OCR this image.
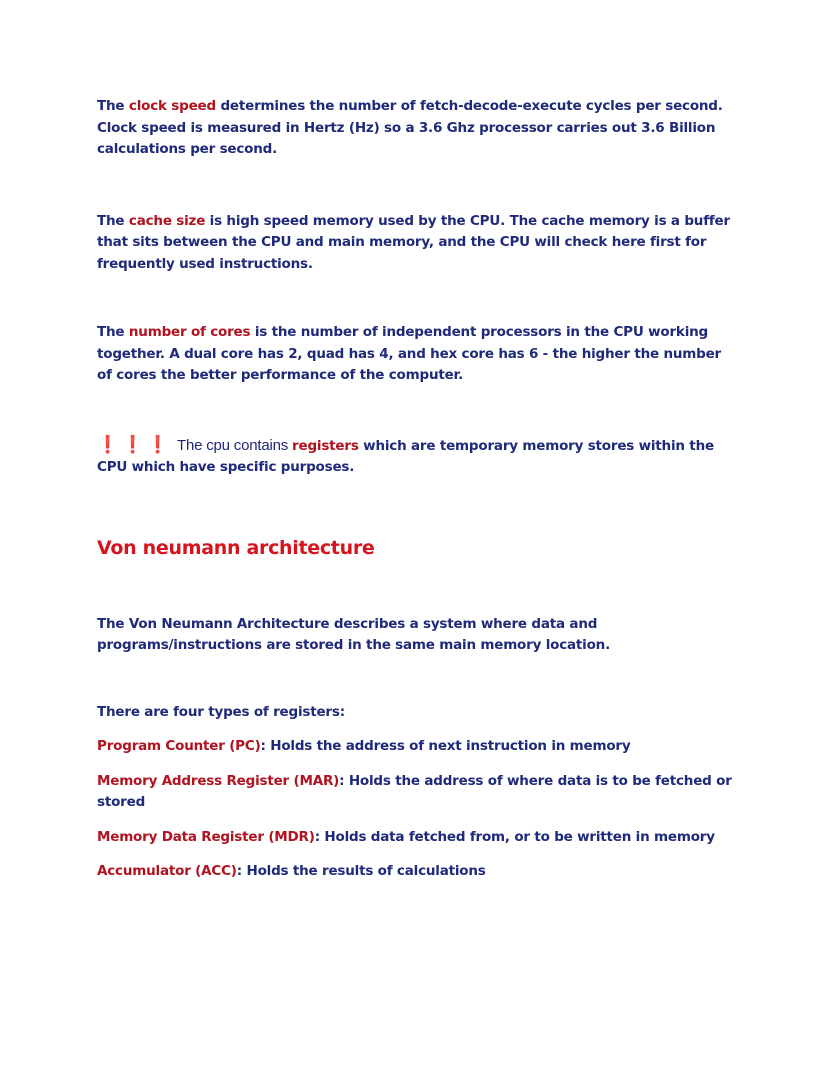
The clock speed determines the number of fetch-decode-execute cycles per second. Clock speed is measured in Hertz (Hz) so a 3.6 Ghz processor carries out 3.6 Billion calculations per second.

The cache size is high speed memory used by the CPU. The cache memory is a buffer that sits between the CPU and main memory, and the CPU will check here first for frequently used instructions.

The number of cores is the number of independent processors in the CPU working together. A dual core has 2, quad has 4, and hex core has 6 - the higher the number of cores the better performance of the computer.

❗❗❗ The cpu contains registers which are temporary memory stores within the CPU which have specific purposes.

Von neumann architecture

The Von Neumann Architecture describes a system where data and programs/instructions are stored in the same main memory location.

There are four types of registers:

Program Counter (PC): Holds the address of next instruction in memory
Memory Address Register (MAR): Holds the address of where data is to be fetched or stored
Memory Data Register (MDR): Holds data fetched from, or to be written in memory
Accumulator (ACC): Holds the results of calculations
